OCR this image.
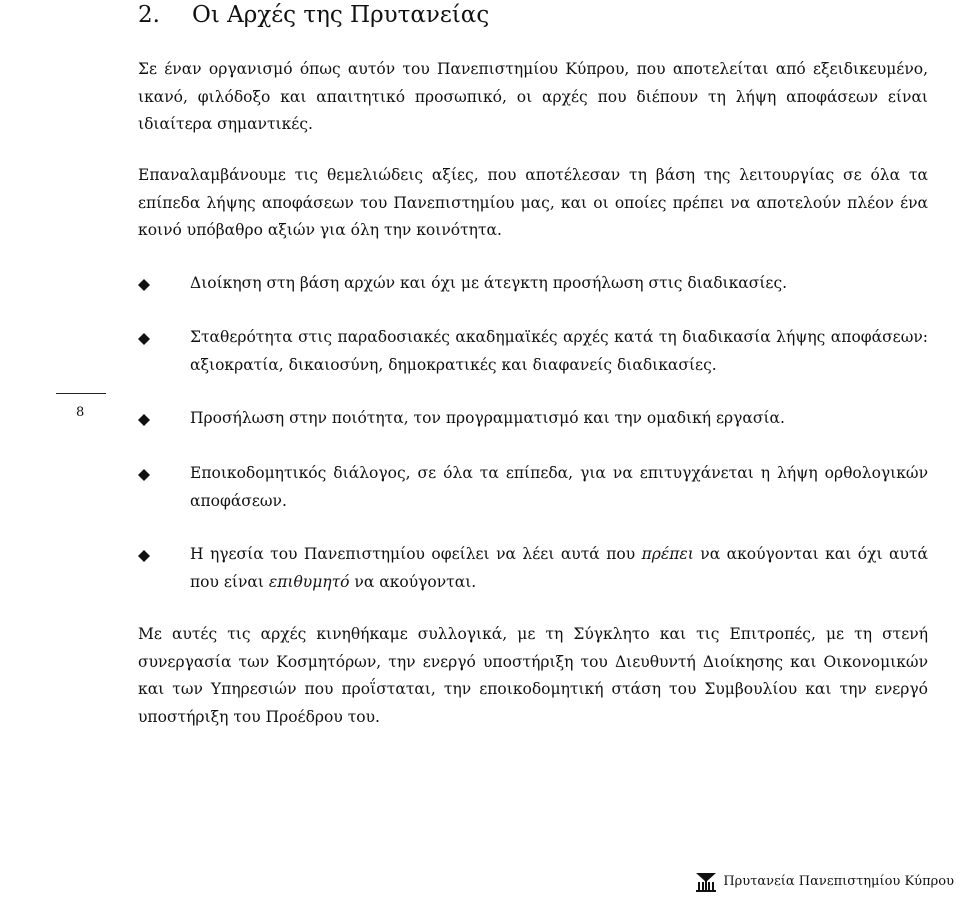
2. Οι Αρχές της Πρυτανείας

Σε έναν οργανισμό όπως αυτόν του Πανεπιστημίου Κύπρου, που αποτελείται από εξειδικευμένο, ικανό, φιλόδοξο και απαιτητικό προσωπικό, οι αρχές που διέπουν τη λήψη αποφάσεων είναι ιδιαίτερα σημαντικές.

Επαναλαμβάνουμε τις θεμελιώδεις αξίες, που αποτέλεσαν τη βάση της λειτουργίας σε όλα τα επίπεδα λήψης αποφάσεων του Πανεπιστημίου μας, και οι οποίες πρέπει να αποτελούν πλέον ένα κοινό υπόβαθρο αξιών για όλη την κοινότητα.

Διοίκηση στη βάση αρχών και όχι με άτεγκτη προσήλωση στις διαδικασίες.
Σταθερότητα στις παραδοσιακές ακαδημαϊκές αρχές κατά τη διαδικασία λήψης αποφάσεων: αξιοκρατία, δικαιοσύνη, δημοκρατικές και διαφανείς διαδικασίες.
8	Προσήλωση στην ποιότητα, τον προγραμματισμό και την ομαδική εργασία.
Εποικοδομητικός διάλογος, σε όλα τα επίπεδα, για να επιτυγχάνεται η λήψη ορθολογικών αποφάσεων.
Η ηγεσία του Πανεπιστημίου οφείλει να λέει αυτά που πρέπει να ακούγονται και όχι αυτά που είναι επιθυμητό να ακούγονται.

Με αυτές τις αρχές κινηθήκαμε συλλογικά, με τη Σύγκλητο και τις Επιτροπές, με τη στενή συνεργασία των Κοσμητόρων, την ενεργό υποστήριξη του Διευθυντή Διοίκησης και Οικονομικών και των Υπηρεσιών που προΐσταται, την εποικοδομητική στάση του Συμβουλίου και την ενεργό υποστήριξη του Προέδρου του.

Πρυτανεία Πανεπιστημίου Κύπρου
